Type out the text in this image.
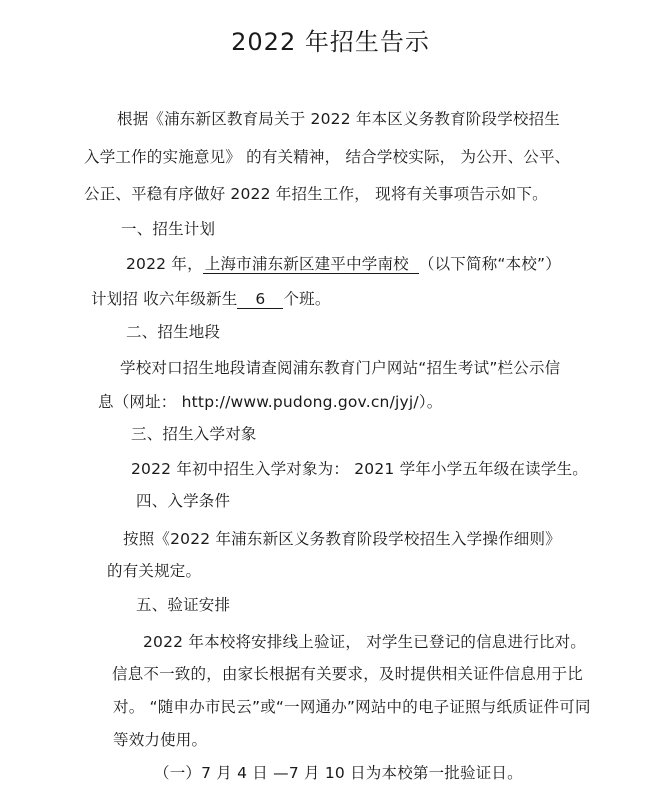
2022 年招生告示
根据《浦东新区教育局关于 2022 年本区义务教育阶段学校招生
入学工作的实施意见》 的有关精神， 结合学校实际， 为公开、公平、
公正、平稳有序做好 2022 年招生工作， 现将有关事项告示如下。
一、招生计划
2022 年， 上海市浦东新区建平中学南校 （以下简称“本校”）
计划招 收六年级新生 6 个班。
二、招生地段
学校对口招生地段请查阅浦东教育门户网站“招生考试”栏公示信
息（网址： http://www.pudong.gov.cn/jyj/）。
三、招生入学对象
2022 年初中招生入学对象为： 2021 学年小学五年级在读学生。
四、入学条件
按照《2022 年浦东新区义务教育阶段学校招生入学操作细则》
的有关规定。
五、验证安排
2022 年本校将安排线上验证， 对学生已登记的信息进行比对。
信息不一致的，由家长根据有关要求，及时提供相关证件信息用于比
对。 “随申办市民云”或“一网通办”网站中的电子证照与纸质证件可同
等效力使用。
（一）7 月 4 日 —7 月 10 日为本校第一批验证日。
